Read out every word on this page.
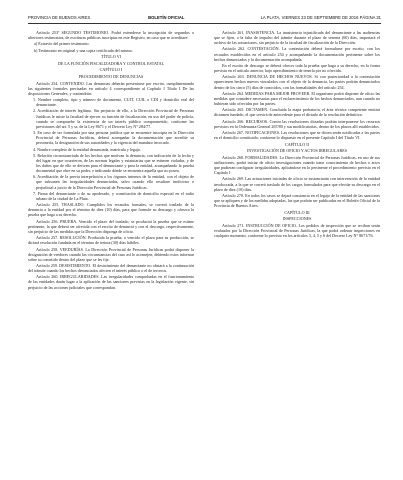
PROVINCIA DE BUENOS AIRES	BOLETÍN OFICIAL	LA PLATA, VIERNES 23 DE SEPTIEMBRE DE 2016 PÁGINA 31

Artículo 253º SEGUNDO TESTIMONIO. Podrá extenderse la inscripción de segundos o ulteriores testimonios, de escrituras públicas inscriptas en este Registro, en caso que se acreditare:

a) Extravío del primer testimonio.

b) Testimonio en original y una copia certificada del mismo.

TÍTULO VI

DE LA FUNCIÓN FISCALIZADORA Y CONTROL ESTATAL

CAPÍTULO I

PROCEDIMIENTO DE DENUNCIAS

Artículo 254. CONTENIDO. Las denuncias deberán presentarse por escrito, cumplimentando las siguientes formales precisadas en artículo 4 correspondiente al Capítulo I Título I De las disposiciones Generales, y contendrán:

1. Nombre completo, tipo y número de documento, CUIT, CUIL o CDI y domicilio real del denunciante.

2. Acreditación de interés legítimo. Sin perjuicio de ello, a la Dirección Provincial de Personas Jurídicas le asiste la facultad de ejercer su función de fiscalización, en uso del poder de policía, cuando se compruebe la existencia de un interés público comprometido, conforme las previsiones del art. 5 y ss. de la Ley 8671 y el Decreto Ley N° 284/77.

3. En caso de ser formulada por una persona jurídica que se encuentre inscripta en la Dirección Provincial de Personas Jurídicas, deberá acompañar la documentación que acredite su personería, la designación de sus autoridades y la vigencia del mandato invocado.

4. Nombre completo de la entidad denunciada, matrícula y legajo.

5. Relación circunstanciada de los hechos que motivan la denuncia, con indicación de la fecha y del lugar en que ocurrieron, de las normas legales y estatutarias que se estimen violadas, y de los daños que de ello se deriven para el denunciante y para la entidad, acompañando la prueba documental que obre en su poder, e indicando dónde se encuentra aquella que no posea.

6. Acreditación de la previa interpelación a los órganos internos de la entidad, con el objeto de que subsanen las irregularidades denunciadas, salvo cuando ello resultare inoficioso o perjudicial a juicio de la Dirección Provincial de Personas Jurídicas.

7. Firma del denunciante o de su apoderado, y constitución de domicilio especial en el radio urbano de la ciudad de La Plata.

Artículo 255. TRASLADO. Cumplidos los recaudos formales, se correrá traslado de la denuncia a la entidad por el término de diez (10) días, para que formule su descargo y ofrezca la prueba que haga a su derecho.

Artículo 256. PRUEBA. Vencido el plazo del traslado, se producirá la prueba que se estime pertinente, la que deberá ser ofrecida con el escrito de denuncia y con el descargo, respectivamente, sin perjuicio de las medidas que la Dirección disponga de oficio.

Artículo 257. RESOLUCIÓN. Producida la prueba, o vencido el plazo para su producción, se dictará resolución fundada en el término de treinta (30) días hábiles.

Artículo 258. VEEDURÍAS. La Dirección Provincial de Personas Jurídicas podrá disponer la designación de veedores cuando las circunstancias del caso así lo aconsejen, debiendo estos informar sobre su cometido dentro del plazo que se les fije.

Artículo 259. DESISTIMIENTO. El desistimiento del denunciante no obstará a la continuación del trámite cuando los hechos denunciados afecten el interés público o el de terceros.

Artículo 260. IRREGULARIDADES. Las irregularidades comprobadas en el funcionamiento de las entidades darán lugar a la aplicación de las sanciones previstas en la legislación vigente, sin perjuicio de las acciones judiciales que correspondan.

Artículo 261. INASISTENCIA. La inasistencia injustificada del denunciante a las audiencias que se fijen, o la falta de impulso del trámite durante el plazo de sesenta (60) días, importará el archivo de las actuaciones, sin perjuicio de la facultad de fiscalización de la Dirección.

Artículo 262. CONTESTACIÓN. La contestación deberá formularse por escrito, con los recaudos establecidos en el artículo 254 y acompañando la documentación pertinente sobre los hechos denunciados y la documentación acompañada.

En el escrito de descargo se deberá ofrecer toda la prueba que haga a su derecho, en la forma prevista en el artículo anterior, bajo apercibimiento de tenerla por no ofrecida.

Artículo 263. DENUNCIA DE HECHOS NUEVOS. Si con posterioridad a la contestación apareciesen hechos nuevos vinculados con el objeto de la denuncia, las partes podrán denunciarlos dentro de los cinco (5) días de conocidos, con las formalidades del artículo 254.

Artículo 264. MEDIDAS PARA MEJOR PROVEER. El organismo podrá disponer de oficio las medidas que considere necesarias para el esclarecimiento de los hechos denunciados, aun cuando no hubieran sido ofrecidas por las partes.

Artículo 265. DICTAMEN. Concluida la etapa probatoria, el área técnica competente emitirá dictamen fundado, el que servirá de antecedente para el dictado de la resolución definitiva.

Artículo 266. RECURSOS. Contra las resoluciones dictadas podrán interponerse los recursos previstos en la Ordenanza General 267/80 y sus modificatorias, dentro de los plazos allí establecidos.

Artículo 267. NOTIFICACIONES. Las resoluciones que se dicten serán notificadas a las partes en el domicilio constituido, conforme lo dispuesto en el presente Capítulo I del Título VI.

CAPÍTULO II

INVESTIGACIÓN DE OFICIO Y ACTOS IRREGULARES

Artículo 268. FORMALIDADES. La Dirección Provincial de Personas Jurídicas, en uso de sus atribuciones, podrá iniciar de oficio investigaciones cuando tome conocimiento de hechos o actos que pudieran configurar irregularidades, aplicándose en lo pertinente el procedimiento previsto en el Capítulo I.

Artículo 269. Las actuaciones iniciadas de oficio se sustanciarán con intervención de la entidad involucrada, a la que se correrá traslado de los cargos formulados para que efectúe su descargo en el plazo de diez (10) días.

Artículo 270. En todos los casos se dejará constancia en el legajo de la entidad de las sanciones que se apliquen y de las medidas adoptadas, las que podrán ser publicadas en el Boletín Oficial de la Provincia de Buenos Aires.

CAPÍTULO III

INSPECCIONES

Artículo 271. INSTRUCCIÓN DE OFICIO. Los pedidos de inspección que se reciban serán evaluados por la Dirección Provincial de Personas Jurídicas, la que podrá ordenar inspecciones en cualquier momento, conforme lo previsto en los artículos 3, 4, 5 y 6 del Decreto Ley N° 8671/76.
